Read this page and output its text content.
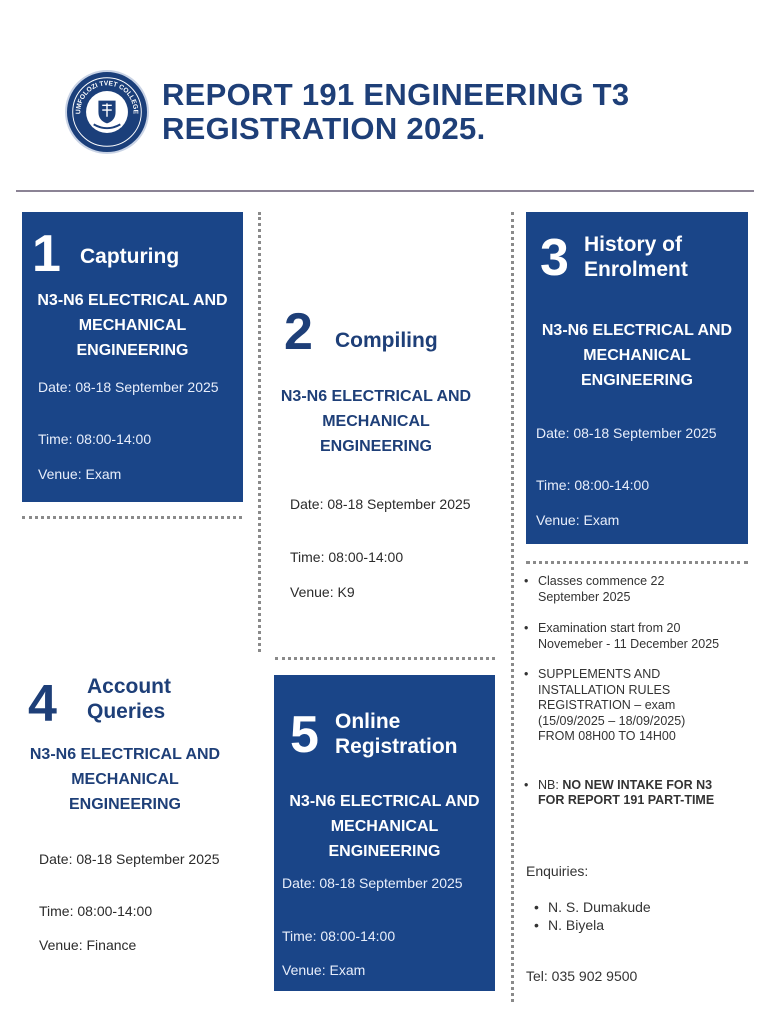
UMFOLOZI TVET COLLEGE REPORT 191 ENGINEERING T3
REGISTRATION 2025.
1 Capturing
N3-N6 ELECTRICAL AND
MECHANICAL
ENGINEERING
Date: 08-18 September 2025
Time: 08:00-14:00
Venue: Exam
2 Compiling
N3-N6 ELECTRICAL AND
MECHANICAL
ENGINEERING
Date: 08-18 September 2025
Time: 08:00-14:00
Venue: K9
3 History of
Enrolment
N3-N6 ELECTRICAL AND
MECHANICAL
ENGINEERING
Date: 08-18 September 2025
Time: 08:00-14:00
Venue: Exam
4 Account
Queries
N3-N6 ELECTRICAL AND
MECHANICAL
ENGINEERING
Date: 08-18 September 2025
Time: 08:00-14:00
Venue: Finance
5 Online
Registration
N3-N6 ELECTRICAL AND
MECHANICAL
ENGINEERING
Date: 08-18 September 2025
Time: 08:00-14:00
Venue: Exam

• Classes commence 22 September 2025

• Examination start from 20 Novemeber - 11 December 2025

• SUPPLEMENTS AND INSTALLATION RULES REGISTRATION – exam (15/09/2025 – 18/09/2025) FROM 08H00 TO 14H00

• NB: NO NEW INTAKE FOR N3 FOR REPORT 191 PART-TIME

Enquiries:
• N. S. Dumakude
• N. Biyela
Tel: 035 902 9500
